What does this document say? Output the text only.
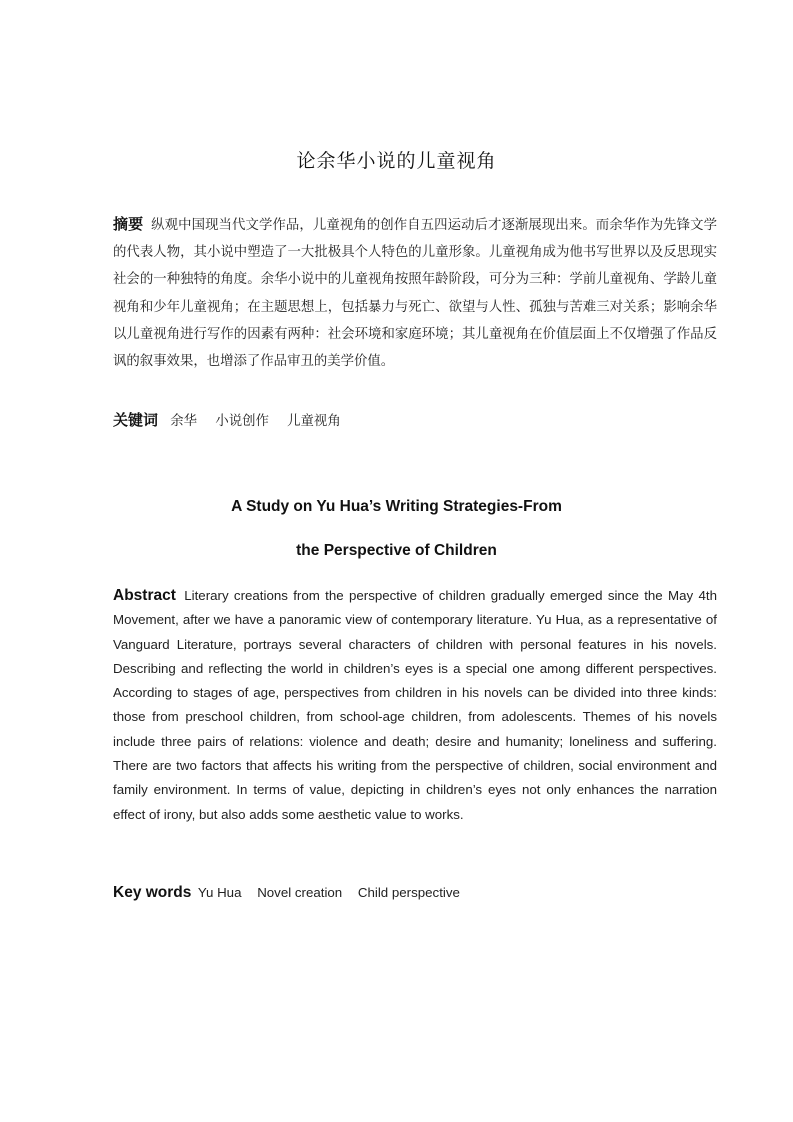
论余华小说的儿童视角
摘要 纵观中国现当代文学作品，儿童视角的创作自五四运动后才逐渐展现出来。而余华作为先锋文学的代表人物，其小说中塑造了一大批极具个人特色的儿童形象。儿童视角成为他书写世界以及反思现实社会的一种独特的角度。余华小说中的儿童视角按照年龄阶段，可分为三种：学前儿童视角、学龄儿童视角和少年儿童视角；在主题思想上，包括暴力与死亡、欲望与人性、孤独与苦难三对关系；影响余华以儿童视角进行写作的因素有两种：社会环境和家庭环境；其儿童视角在价值层面上不仅增强了作品反讽的叙事效果，也增添了作品审丑的美学价值。
关键词 余华 小说创作 儿童视角
A Study on Yu Hua’s Writing Strategies-From
the Perspective of Children
Abstract Literary creations from the perspective of children gradually emerged since the May 4th Movement, after we have a panoramic view of contemporary literature. Yu Hua, as a representative of Vanguard Literature, portrays several characters of children with personal features in his novels. Describing and reflecting the world in children’s eyes is a special one among different perspectives. According to stages of age, perspectives from children in his novels can be divided into three kinds: those from preschool children, from school-age children, from adolescents. Themes of his novels include three pairs of relations: violence and death; desire and humanity; loneliness and suffering. There are two factors that affects his writing from the perspective of children, social environment and family environment. In terms of value, depicting in children’s eyes not only enhances the narration effect of irony, but also adds some aesthetic value to works.
Key words Yu Hua Novel creation Child perspective
